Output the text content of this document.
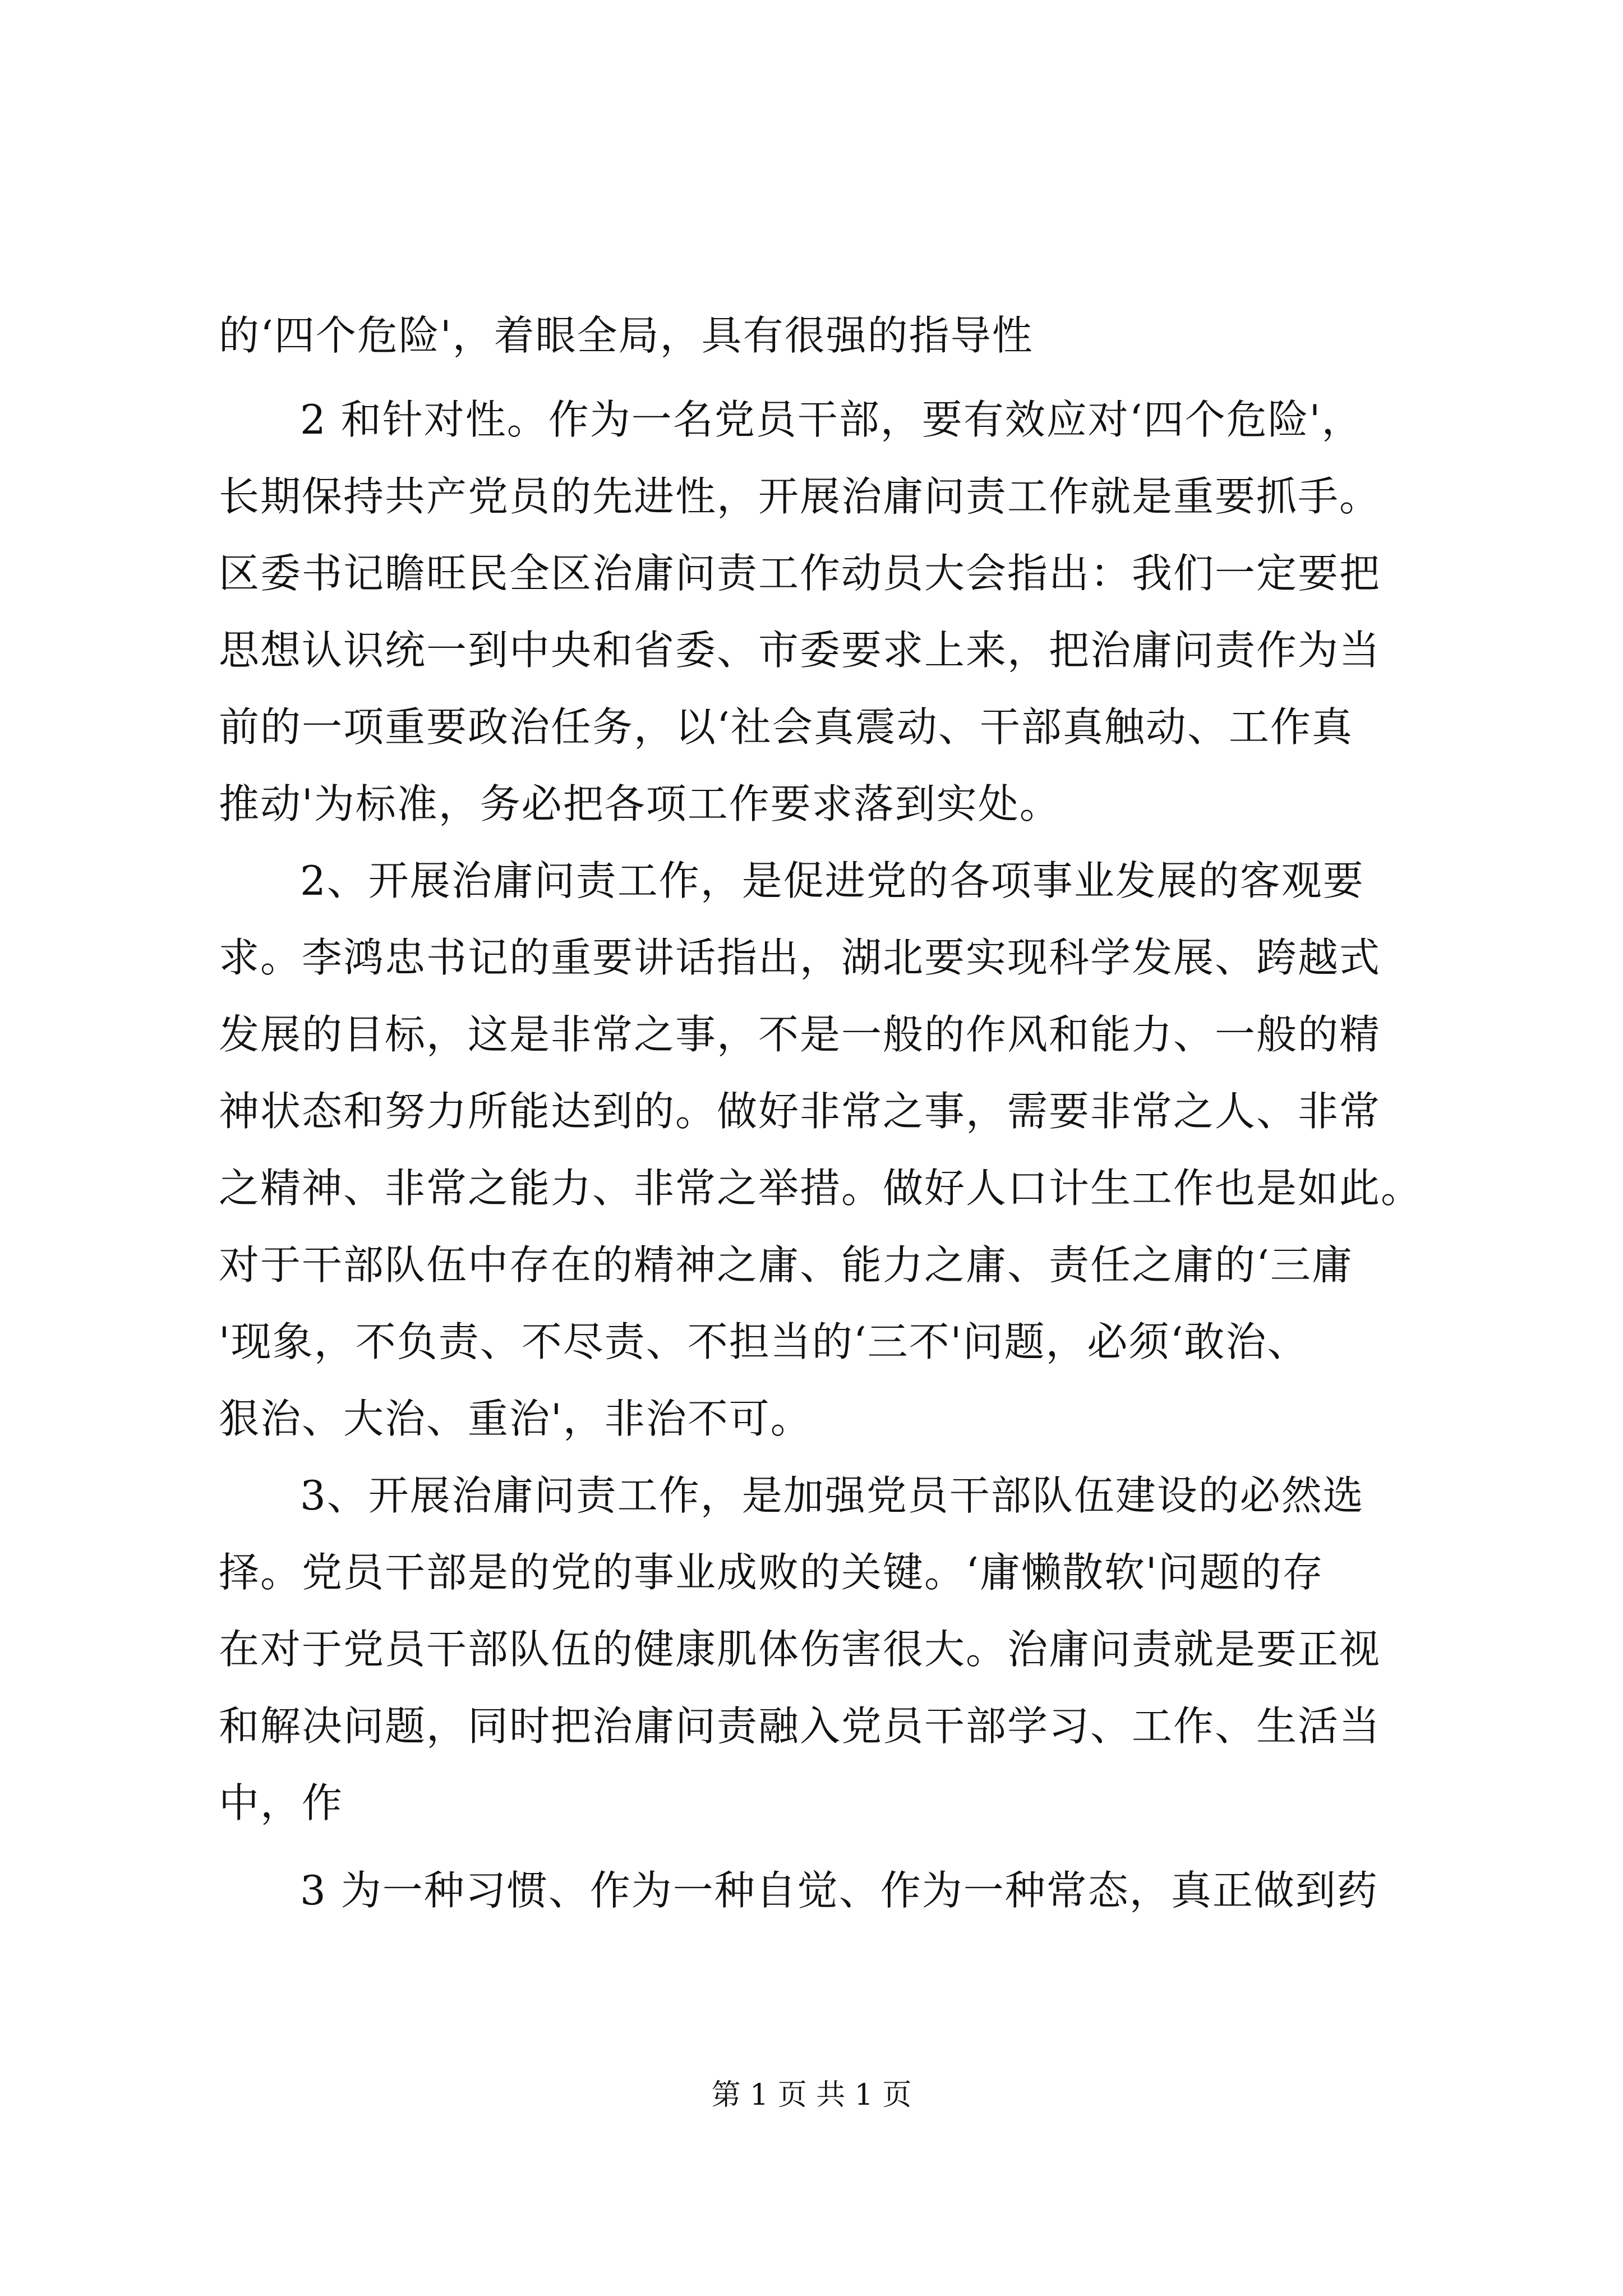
的‘四个危险'，着眼全局，具有很强的指导性
2 和针对性。作为一名党员干部，要有效应对‘四个危险'，
长期保持共产党员的先进性，开展治庸问责工作就是重要抓手。
区委书记瞻旺民全区治庸问责工作动员大会指出：我们一定要把
思想认识统一到中央和省委、市委要求上来，把治庸问责作为当
前的一项重要政治任务，以‘社会真震动、干部真触动、工作真
推动'为标准，务必把各项工作要求落到实处。
2、开展治庸问责工作，是促进党的各项事业发展的客观要
求。李鸿忠书记的重要讲话指出，湖北要实现科学发展、跨越式
发展的目标，这是非常之事，不是一般的作风和能力、一般的精
神状态和努力所能达到的。做好非常之事，需要非常之人、非常
之精神、非常之能力、非常之举措。做好人口计生工作也是如此。
对于干部队伍中存在的精神之庸、能力之庸、责任之庸的‘三庸
'现象，不负责、不尽责、不担当的‘三不'问题，必须‘敢治、
狠治、大治、重治'，非治不可。
3、开展治庸问责工作，是加强党员干部队伍建设的必然选
择。党员干部是的党的事业成败的关键。‘庸懒散软'问题的存
在对于党员干部队伍的健康肌体伤害很大。治庸问责就是要正视
和解决问题，同时把治庸问责融入党员干部学习、工作、生活当
中，作
3 为一种习惯、作为一种自觉、作为一种常态，真正做到药
第 1 页 共 1 页
